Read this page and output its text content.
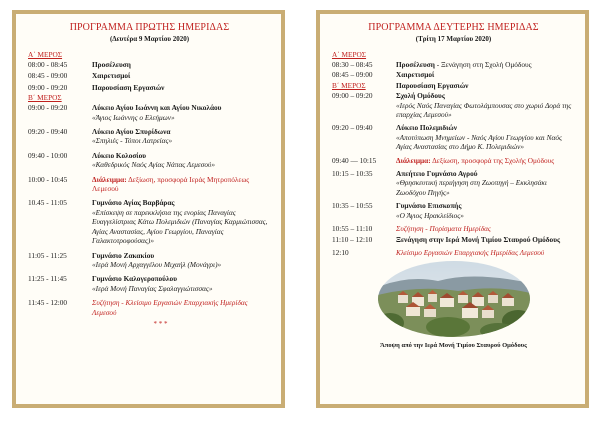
ΠΡΟΓΡΑΜΜΑ ΠΡΩΤΗΣ ΗΜΕΡΙΔΑΣ
(Δευτέρα 9 Μαρτίου 2020)
Α΄ ΜΕΡΟΣ
08:00 - 08:45	Προσέλευση
08:45 - 09:00	Χαιρετισμοί
09:00 - 09:20	Παρουσίαση Εργασιών
Β΄ ΜΕΡΟΣ
09:00 - 09:20	Λύκειο Αγίου Ιωάννη και Αγίου Νικολάου
«Άγιος Ιωάννης ο Ελεήμων»
09:20 - 09:40	Λύκειο Αγίου Σπυρίδωνα
«Σπηλιές - Τόποι Λατρείας»
09:40 - 10:00	Λύκειο Κολοσίου
«Καθεδρικός Ναός Αγίας Νάπας Λεμεσού»
10:00 - 10:45	Διάλειμμα: Δεξίωση, προσφορά Ιεράς Μητροπόλεως Λεμεσού
10.45 - 11:05	Γυμνάσιο Αγίας Βαρβάρας
«Επίσκεψη σε παρεκκλήσια της ενορίας Παναγίας Ευαγγελίστριας Κάτω Πολεμιδιών (Παναγίας Καρμιώτισσας, Αγίας Αναστασίας, Αγίου Γεωργίου, Παναγίας Γαλακτοτροφούσας)»
11:05 - 11:25	Γυμνάσιο Ζακακίου
«Ιερά Μονή Αρχαγγέλου Μιχαήλ (Μονάγρι)»
11:25 - 11:45	Γυμνάσιο Καλογεροπούλου
«Ιερά Μονή Παναγίας Σφαλαγγιώτισσας»
11:45 - 12:00	Συζήτηση - Κλείσιμο Εργασιών Επαρχιακής Ημερίδας Λεμεσού
* * *
ΠΡΟΓΡΑΜΜΑ ΔΕΥΤΕΡΗΣ ΗΜΕΡΙΔΑΣ
(Τρίτη 17 Μαρτίου 2020)
Α΄ ΜΕΡΟΣ
08:30 – 08:45	Προσέλευση - Ξενάγηση στη Σχολή Ομόδους
08:45 – 09:00	Χαιρετισμοί
Β΄ ΜΕΡΟΣ	Παρουσίαση Εργασιών
09:00 – 09:20	Σχολή Ομόδους
«Ιερός Ναός Παναγίας Φωτολάμπουσας στο χωριό Δορά της επαρχίας Λεμεσού»
09:20 – 09:40	Λύκειο Πολεμιδιών
«Αποτύπωση Μνημείων - Ναός Αγίου Γεωργίου και Ναός Αγίας Αναστασίας στο Δήμο Κ. Πολεμιδιών»
09:40 — 10:15	Διάλειμμα: Δεξίωση, προσφορά της Σχολής Ομόδους
10:15 – 10:35	Απεήτειο Γυμνάσιο Αγρού
«Θρησκευτική περιήγηση στη Ζωοπηγή – Εκκλησάκι Ζωοδόχου Πηγής»
10:35 – 10:55	Γυμνάσιο Επισκοπής
«Ο Άγιος Ηρακλείδιος»
10:55 – 11:10	Συζήτηση - Πορίσματα Ημερίδας
11:10 – 12:10	Ξενάγηση στην Ιερά Μονή Τιμίου Σταυρού Ομόδους
12:10	Κλείσιμο Εργασιών Επαρχιακής Ημερίδας Λεμεσού
Άποψη από την Ιερά Μονή Τιμίου Σταυρού Ομόδους
